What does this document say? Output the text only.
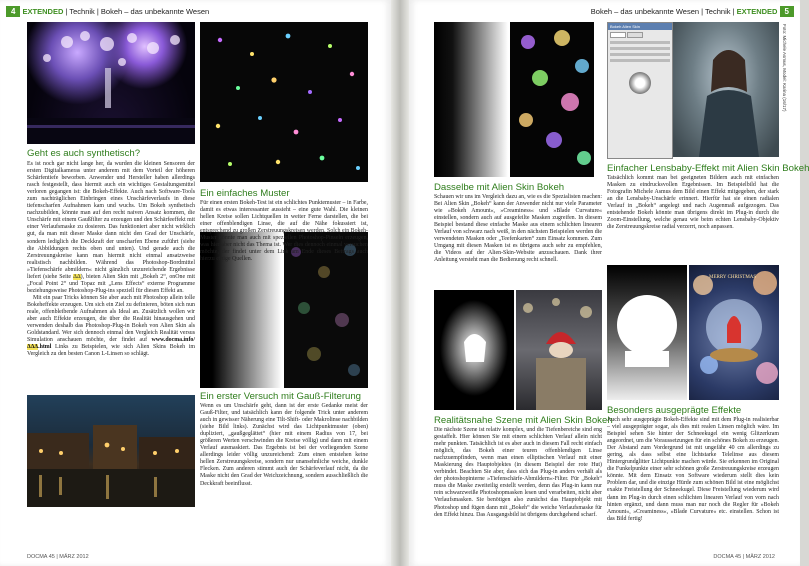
4 EXTENDED | Technik | Bokeh – das unbekannte Wesen
Geht es auch synthetisch?

Es ist noch gar nicht lange her, da wurden die kleinen Sensoren der ersten Digitalkameras unter anderem mit dem Vorteil der höheren Schärfentiefe beworben. Anwender und Hersteller haben allerdings rasch festgestellt, dass hiermit auch ein wichtiges Gestaltungsmittel verloren gegangen ist: die Bokeh-Effekte. Auch nach Software-Tools zum nachträglichen Einbringen eines Unschärfeverlaufs in diese tiefenscharfen Aufnahmen kam und wuchs. Um Bokeh synthetisch nachzubilden, könnte man auf den recht naiven Ansatz kommen, die Unschärfe mit einem Gaußfilter zu erzeugen und den Schärfeeffekt mit einer Verlaufsmaske zu dosieren. Das funktioniert aber nicht wirklich gut, da man mit dieser Maske dann nicht den Grad der Unschärfe, sondern lediglich die Deckkraft der unscharfen Ebene zuführt (siehe die Abbildungen rechts oben und unten). Und gerade auch die Zerstreuungskreise kann man hiermit nicht einmal ansatzweise realistisch nachbilden. Während das Photoshop-Bordmittel »Tiefenschärfe abmildern« nicht gänzlich unzureichende Ergebnisse liefert (siehe Seite ΔΔ), bieten Alien Skin mit „Bokeh 2“, onOne mit „Focal Point 2“ und Topaz mit „Lens Effects“ externe Programme beziehungsweise Photoshop-Plug-ins speziell für diesen Effekt an.

Mit ein paar Tricks können Sie aber auch mit Photoshop allein tolle Bokeheffekte erzeugen. Um sich ein Ziel zu definieren, böten sich nun reale, offenbleibende Aufnahmen als Ideal an. Zusätzlich wollen wir aber auch Effekte erzeugen, die über die Realität hinausgehen und verwenden deshalb das Photoshop-Plug-in Bokeh von Alien Skin als Goldstandard. Wer sich dennoch einmal den Vergleich Realität versus Simulation anschauen möchte, der findet auf www.docma.info/ΔΔΔ.html Links zu Beispielen, wie sich Alien Skins Bokeh im Vergleich zu den besten Canon L-Linsen so schlägt.

Ein einfaches Muster
Für einen ersten Bokeh-Test ist ein schlichtes Punktemuster – in Farbe, damit es etwas interessanter aussieht – eine gute Wahl. Die kleinen hellen Kreise sollen Lichtquellen in weiter Ferne darstellen, die bei einer offenblendigen Linse, die auf die Nähe fokussiert ist, entsprechend zu großen Zerstreuungskreisen werden. Solch ein Bokeh-Muster könnte man auch mit speziellen Photoshop-Pinseln erzeugen, was hier aber nicht das Thema ist. Wer dies dennoch einmal versuchen möchte, der findet unter dem Link am Ende dieses Beitrags auch hierzu einige Quellen.
Ein erster Versuch mit Gauß-Filterung
Wenn es um Unschärfe geht, dann ist der erste Gedanke meist der Gauß-Filter, und tatsächlich kann der folgende Trick unter anderem auch in gewisser Näherung eine Tilt-Shift- oder Makrolinse nachbilden (siehe Bild links). Zunächst wird das Lichtpunktmuster (oben) dupliziert, „gaußgeglättet“ (hier mit einem Radius von 17, bei größeren Werten verschwinden die Kreise völlig) und dann mit einem Verlauf ausmaskiert. Das Ergebnis ist bei der vorliegenden Szene allerdings leider völlig unzureichend: Zum einen entstehen keine hellen Zerstreuungskreise, sondern nur unansehnliche weiche, dunkle Flecken. Zum anderen stimmt auch der Schärfeverlauf nicht, da die Maske nicht den Grad der Weichzeichnung, sondern ausschließlich die Deckkraft beeinflusst.
DOCMA 45 | MÄRZ 2012
Bokeh – das unbekannte Wesen | Technik | EXTENDED 5
Bokeh Alien Skin	Foto: Michele Asmus, Model: Karina (16/17)
Dasselbe mit Alien Skin Bokeh
Schauen wir uns im Vergleich dazu an, wie es die Spezialisten machen: Bei Alien Skin „Bokeh“ kann der Anwender nicht nur viele Parameter wie »Bokeh Amount«, »Creaminess« und »Blade Curvature« einstellen, sondern auch auf ausgefeilte Masken zugreifen. In diesem Beispiel bestand diese einfache Maske aus einem schlichten linearen Verlauf von schwarz nach weiß, in den nächsten Beispielen werden die verwendeten Masken oder „Teefenkarten“ zum Einsatz kommen. Zum Umgang mit diesen Masken ist es übrigens auch sehr zu empfehlen, die Videos auf der Alien-Skin-Website anzuschauen. Dank ihrer Anleitung versteht man die Bedienung recht schnell.
Einfacher Lensbaby-Effekt mit Alien Skin Bokeh
Tatsächlich kommt man bei geeigneten Bildern auch mit einfachen Masken zu eindrucksvollen Ergebnissen. Im Beispielbild hat die Fotografin Michele Asmus dem Bild einen Effekt mitgegeben, der stark an die Lensbaby-Unschärfe erinnert. Hierfür hat sie einen radialen Verlauf in „Bokeh“ angelegt und nach Augenmaß aufgezogen. Das entstehende Bokeh könnte man übrigens direkt im Plug-in durch die Zoom-Einstellung, welche genau wie beim echten Lensbaby-Objektiv die Zerstreuungskreise radial verzerrt, noch anpassen.
Realitätsnahe Szene mit Alien Skin Bokeh
Die nächste Szene ist relativ komplex, und die Tiefenbereiche sind eng gestaffelt. Hier können Sie mit einem schlichten Verlauf allein nicht mehr punkten. Tatsächlich ist es aber auch in diesem Fall recht einfach möglich, das Bokeh einer teuren offenblendigen Linse nachzuempfinden, wenn man einen elliptischen Verlauf mit einer Maskierung des Hauptobjektes (in diesem Beispiel der rote Hut) verbindet. Beachten Sie aber, dass sich das Plug-in anders verhält als der photoshopinterne »Tiefenschärfe-Abmildern«-Filter. Für „Bokeh“ muss die Maske zweiteilig erstellt werden, denn das Plug-in kann nur rein schwarzweiße Photoshopmasken lesen und verarbeiten, nicht aber Verlaufsmasken. Sie benötigen also zunächst das Hauptobjekt mit Photoshop und fügen dann mit „Bokeh“ die weiche Verlaufsmaske für den Effekt hinzu. Das Ausgangsbild ist übrigens durchgehend scharf.
MERRY CHRISTMAS
Besonders ausgeprägte Effekte
Auch sehr ausgeprägte Bokeh-Effekte sind mit dem Plug-in realisierbar – viel ausgeprägter sogar, als dies mit realen Linsen möglich wäre. Im Beispiel sehen Sie hinter der Schneekugel ein wenig Glitzerkram angeordnet, um die Voraussetzungen für ein schönes Bokeh zu erzeugen. Der Abstand zum Vordergrund ist mit ungefähr 40 cm allerdings zu gering, als dass selbst eine lichtstarke Telelinse aus diesem Hintergrundglitter Lichtpunkte machen würde. Sie erkennen im Original die Funkelpunkte einer sehr schönen große Zerstreuungskreise erzeugen könnte. Mit dem Einsatz von Software wiederum stellt dies kein Problem dar, und die einzige Hürde zum schönen Bild ist eine möglichst exakte Freistellung der Schneekugel. Diese Freistellung wiederum wird dann im Plug-in durch einen schlichten linearen Verlauf von vorn nach hinten ergänzt, und dann muss man nur noch die Regler für »Bokeh Amount«, »Creaminess«, »Blade Curvature« etc. einstellen. Schon ist das Bild fertig!
DOCMA 45 | MÄRZ 2012
